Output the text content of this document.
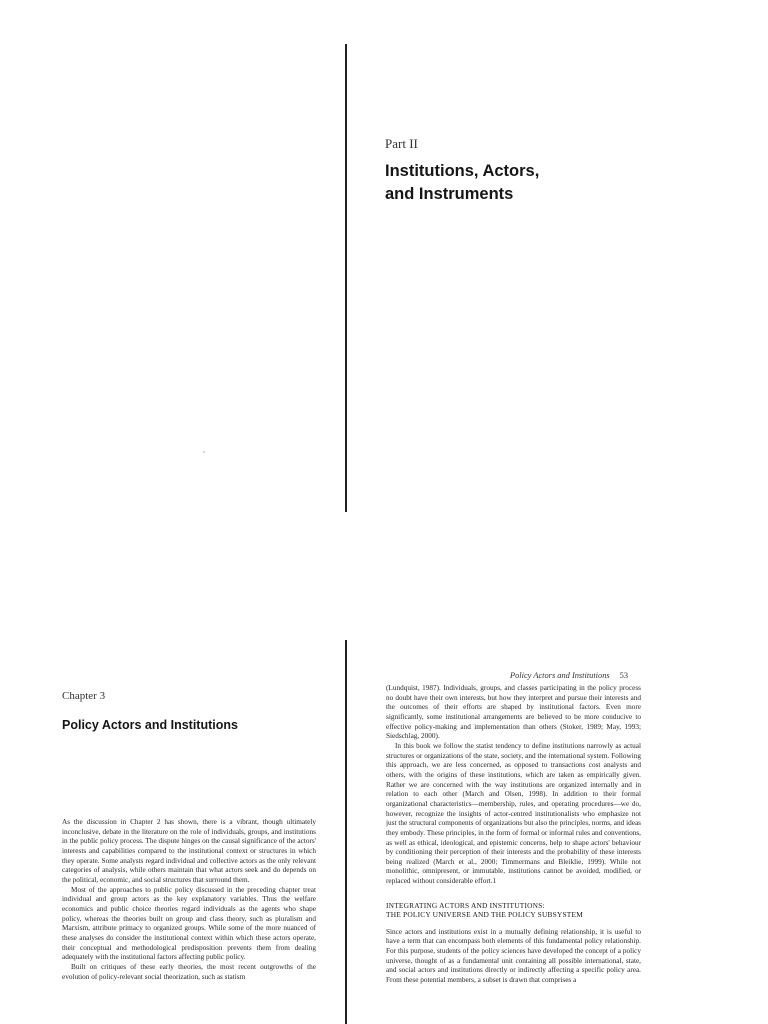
Part II
Institutions, Actors,
and Instruments
Chapter 3
Policy Actors and Institutions

As the discussion in Chapter 2 has shown, there is a vibrant, though ultimately inconclusive, debate in the literature on the role of individuals, groups, and institutions in the public policy process. The dispute hinges on the causal significance of the actors' interests and capabilities compared to the institutional context or structures in which they operate. Some analysts regard individual and collective actors as the only relevant categories of analysis, while others maintain that what actors seek and do depends on the political, economic, and social structures that surround them.

Most of the approaches to public policy discussed in the preceding chapter treat individual and group actors as the key explanatory variables. Thus the welfare economics and public choice theories regard individuals as the agents who shape policy, whereas the theories built on group and class theory, such as pluralism and Marxism, attribute primacy to organized groups. While some of the more nuanced of these analyses do consider the institutional context within which these actors operate, their conceptual and methodological predisposition prevents them from dealing adequately with the institutional factors affecting public policy.

Built on critiques of these early theories, the most recent outgrowths of the evolution of policy-relevant social theorization, such as statism

Policy Actors and Institutions 53

(Lundquist, 1987). Individuals, groups, and classes participating in the policy process no doubt have their own interests, but how they interpret and pursue their interests and the outcomes of their efforts are shaped by institutional factors. Even more significantly, some institutional arrangements are believed to be more conducive to effective policy-making and implementation than others (Stoker, 1989; May, 1993; Siedschlag, 2000).

In this book we follow the statist tendency to define institutions narrowly as actual structures or organizations of the state, society, and the international system. Following this approach, we are less concerned, as opposed to transactions cost analysts and others, with the origins of these institutions, which are taken as empirically given. Rather we are concerned with the way institutions are organized internally and in relation to each other (March and Olsen, 1998). In addition to their formal organizational characteristics—membership, rules, and operating procedures—we do, however, recognize the insights of actor-centred institutionalists who emphasize not just the structural components of organizations but also the principles, norms, and ideas they embody. These principles, in the form of formal or informal rules and conventions, as well as ethical, ideological, and epistemic concerns, help to shape actors' behaviour by conditioning their perception of their interests and the probability of these interests being realized (March et al., 2000; Timmermans and Bleiklie, 1999). While not monolithic, omnipresent, or immutable, institutions cannot be avoided, modified, or replaced without considerable effort.1

INTEGRATING ACTORS AND INSTITUTIONS:
THE POLICY UNIVERSE AND THE POLICY SUBSYSTEM

Since actors and institutions exist in a mutually defining relationship, it is useful to have a term that can encompass both elements of this fundamental policy relationship. For this purpose, students of the policy sciences have developed the concept of a policy universe, thought of as a fundamental unit containing all possible international, state, and social actors and institutions directly or indirectly affecting a specific policy area. From these potential members, a subset is drawn that comprises a
